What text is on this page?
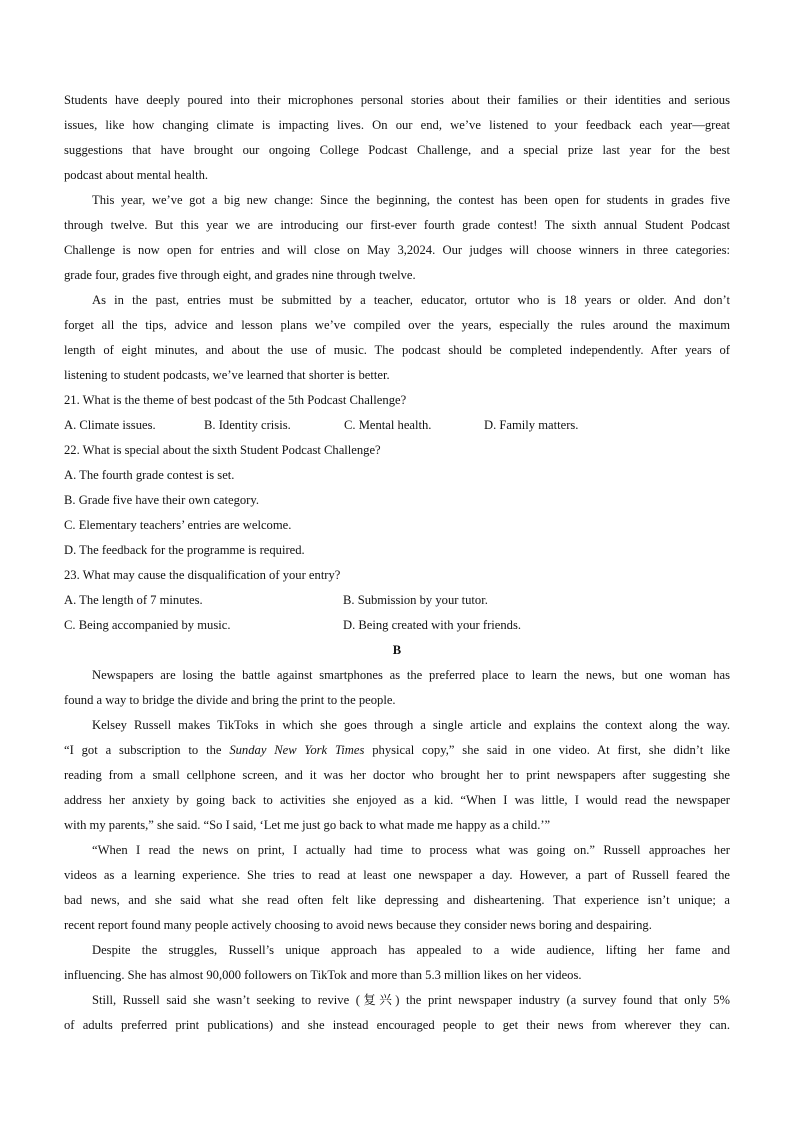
Students have deeply poured into their microphones personal stories about their families or their identities and serious
issues, like how changing climate is impacting lives. On our end, we’ve listened to your feedback each year—great
suggestions that have brought our ongoing College Podcast Challenge, and a special prize last year for the best
podcast about mental health.
This year, we’ve got a big new change: Since the beginning, the contest has been open for students in grades five
through twelve. But this year we are introducing our first-ever fourth grade contest! The sixth annual Student Podcast
Challenge is now open for entries and will close on May 3,2024. Our judges will choose winners in three categories:
grade four, grades five through eight, and grades nine through twelve.
As in the past, entries must be submitted by a teacher, educator, ortutor who is 18 years or older. And don’t
forget all the tips, advice and lesson plans we’ve compiled over the years, especially the rules around the maximum
length of eight minutes, and about the use of music. The podcast should be completed independently. After years of
listening to student podcasts, we’ve learned that shorter is better.
21. What is the theme of best podcast of the 5th Podcast Challenge?
A. Climate issues.	B. Identity crisis.	C. Mental health.	D. Family matters.
22. What is special about the sixth Student Podcast Challenge?
A. The fourth grade contest is set.
B. Grade five have their own category.
C. Elementary teachers’ entries are welcome.
D. The feedback for the programme is required.
23. What may cause the disqualification of your entry?
A. The length of 7 minutes.	B. Submission by your tutor.
C. Being accompanied by music.	D. Being created with your friends.
B
Newspapers are losing the battle against smartphones as the preferred place to learn the news, but one woman has
found a way to bridge the divide and bring the print to the people.
Kelsey Russell makes TikToks in which she goes through a single article and explains the context along the way.
“I got a subscription to the Sunday New York Times physical copy,” she said in one video. At first, she didn’t like
reading from a small cellphone screen, and it was her doctor who brought her to print newspapers after suggesting she
address her anxiety by going back to activities she enjoyed as a kid. “When I was little, I would read the newspaper
with my parents,” she said. “So I said, ‘Let me just go back to what made me happy as a child.’”
“When I read the news on print, I actually had time to process what was going on.” Russell approaches her
videos as a learning experience. She tries to read at least one newspaper a day. However, a part of Russell feared the
bad news, and she said what she read often felt like depressing and disheartening. That experience isn’t unique; a
recent report found many people actively choosing to avoid news because they consider news boring and despairing.
Despite the struggles, Russell’s unique approach has appealed to a wide audience, lifting her fame and
influencing. She has almost 90,000 followers on TikTok and more than 5.3 million likes on her videos.
Still, Russell said she wasn’t seeking to revive (复兴) the print newspaper industry (a survey found that only 5%
of adults preferred print publications) and she instead encouraged people to get their news from wherever they can.
